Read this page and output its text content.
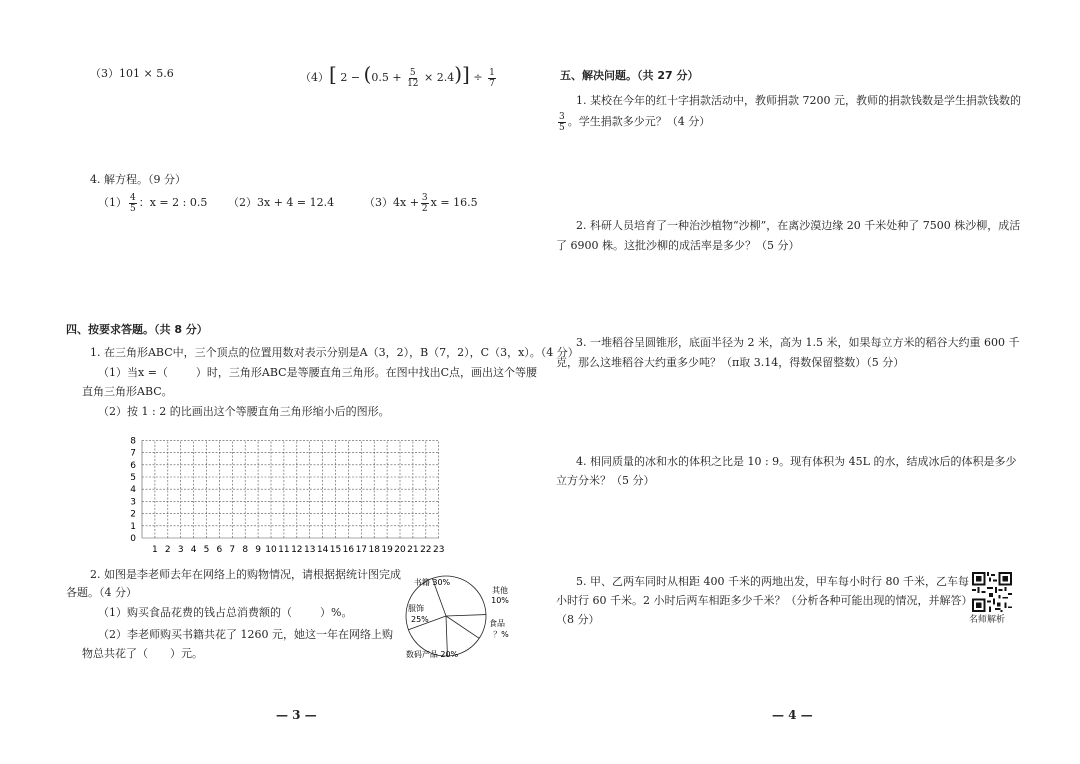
（3）101 × 5.6	（4）[ $2 - (0.5 + \frac{5}{12} \times 2.4)] \div \frac{1}{7}$
4. 解方程。（9 分）
$(1) \frac{4}{5}$ ：x = 2 : 0.5 （2）3x + 4 = 12.4	$(3)4x + \frac{3}{2}$ x = 16.5
四、按要求答题。（共 8 分）
1. 在三角形ABC中，三个顶点的位置用数对表示分别是A（3，2），B（7，2），C（3，x）。（4 分）
（1）当x =（	）时，三角形ABC是等腰直角三角形。在图中找出C点，画出这个等腰
直角三角形ABC。
（2）按 1 : 2 的比画出这个等腰直角三角形缩小后的图形。
8
7
6
5
4
3
2
1
0
1 2 3 4 5 6 7 8 9 10 11 12 13 14 15 16 17 18 19 20 21 22 23
2. 如图是李老师去年在网络上的购物情况，请根据据统计图完成
各题。（4 分）
（1）购买食品花费的钱占总消费额的（	）%。
（2）李老师购买书籍共花了 1260 元，她这一年在网络上购
物总共花了（ ）元。
书籍 30%
其他
10%
食品
？%
数码产品 20%
服饰
25%
— 3 —
五、解决问题。（共 27 分）
1. 某校在今年的红十字捐款活动中，教师捐款 7200 元，教师的捐款钱数是学生捐款钱数的
$\frac{3}{5}$ 。学生捐款多少元？（4 分）
2. 科研人员培育了一种治沙植物“沙柳”，在离沙漠边缘 20 千米处种了 7500 株沙柳，成活
了 6900 株。这批沙柳的成活率是多少？（5 分）
3. 一堆稻谷呈圆锥形，底面半径为 2 米，高为 1.5 米，如果每立方米的稻谷大约重 600 千
克，那么这堆稻谷大约重多少吨？（π取 3.14，得数保留整数）（5 分）
4. 相同质量的冰和水的体积之比是 10 : 9。现有体积为 45L 的水，结成冰后的体积是多少
立方分米？（5 分）
5. 甲、乙两车同时从相距 400 千米的两地出发，甲车每小时行 80 千米，乙车每
小时行 60 千米。2 小时后两车相距多少千米？（分析各种可能出现的情况，并解答）
（8 分）	名师解析
— 4 —
